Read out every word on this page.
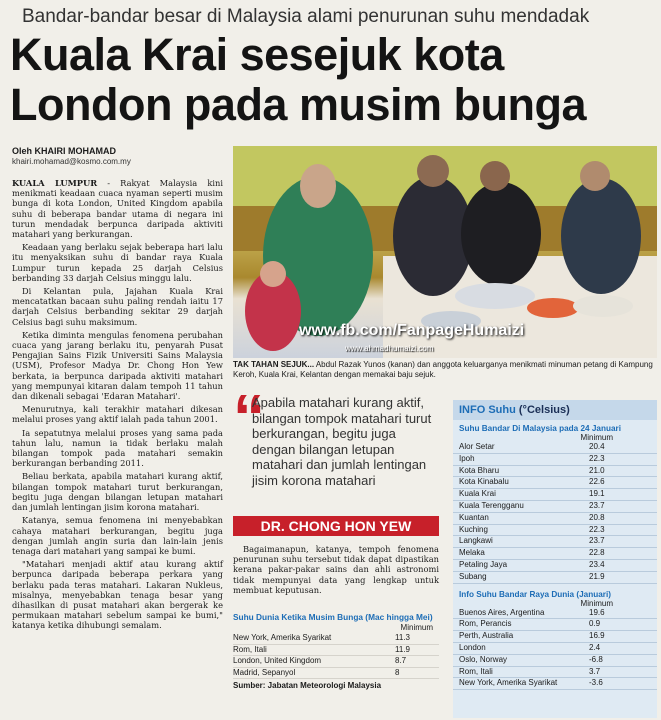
Bandar-bandar besar di Malaysia alami penurunan suhu mendadak
Kuala Krai sesejuk kota
London pada musim bunga
Oleh KHAIRI MOHAMAD
khairi.mohamad@kosmo.com.my

KUALA LUMPUR - Rakyat Malaysia kini menikmati keadaan cuaca nyaman seperti musim bunga di kota London, United Kingdom apabila suhu di beberapa bandar utama di negara ini turun mendadak berpunca daripada aktiviti matahari yang berkurangan.

Keadaan yang berlaku sejak beberapa hari lalu itu menyaksikan suhu di bandar raya Kuala Lumpur turun kepada 25 darjah Celsius berbanding 33 darjah Celsius minggu lalu.

Di Kelantan pula, Jajahan Kuala Krai mencatatkan bacaan suhu paling rendah iaitu 17 darjah Celsius berbanding sekitar 29 darjah Celsius bagi suhu maksimum.

Ketika diminta mengulas fenomena perubahan cuaca yang jarang berlaku itu, penyarah Pusat Pengajian Sains Fizik Universiti Sains Malaysia (USM), Profesor Madya Dr. Chong Hon Yew berkata, ia berpunca daripada aktiviti matahari yang mempunyai kitaran dalam tempoh 11 tahun dan dikenali sebagai 'Edaran Matahari'.

Menurutnya, kali terakhir matahari dikesan melalui proses yang aktif ialah pada tahun 2001.

Ia sepatutnya melalui proses yang sama pada tahun lalu, namun ia tidak berlaku malah bilangan tompok pada matahari semakin berkurangan berbanding 2011.

Beliau berkata, apabila matahari kurang aktif, bilangan tompok matahari turut berkurangan, begitu juga dengan bilangan letupan matahari dan jumlah lentingan jisim korona matahari.

Katanya, semua fenomena ini menyebabkan cahaya matahari berkurangan, begitu juga dengan jumlah angin suria dan lain-lain jenis tenaga dari matahari yang sampai ke bumi.

"Matahari menjadi aktif atau kurang aktif berpunca daripada beberapa perkara yang berlaku pada teras matahari. Lakaran Nukleus, misalnya, menyebabkan tenaga besar yang dihasilkan di pusat matahari akan bergerak ke permukaan matahari sebelum sampai ke bumi," katanya ketika dihubungi semalam.

www.fb.com/FanpageHumaizi
www.ahmadhumaizi.com
TAK TAHAN SEJUK... Abdul Razak Yunos (kanan) dan anggota keluarganya menikmati minuman petang di Kampung Keroh, Kuala Krai, Kelantan dengan memakai baju sejuk.
“
Apabila matahari kurang aktif, bilangan tompok matahari turut berkurangan, begitu juga dengan bilangan letupan matahari dan jumlah lentingan jisim korona matahari
DR. CHONG HON YEW
Bagaimanapun, katanya, tempoh fenomena penurunan suhu tersebut tidak dapat dipastikan kerana pakar-pakar sains dan ahli astronomi tidak mempunyai data yang lengkap untuk membuat keputusan.
Suhu Dunia Ketika Musim Bunga (Mac hingga Mei)
Minimum
New York, Amerika Syarikat	11.3
Rom, Itali	11.9
London, United Kingdom	8.7
Madrid, Sepanyol	8
Sumber: Jabatan Meteorologi Malaysia
INFO Suhu (°Celsius)
Suhu Bandar Di Malaysia pada 24 Januari
Minimum
Alor Setar	20.4
Ipoh	22.3
Kota Bharu	21.0
Kota Kinabalu	22.6
Kuala Krai	19.1
Kuala Terengganu	23.7
Kuantan	20.8
Kuching	22.3
Langkawi	23.7
Melaka	22.8
Petaling Jaya	23.4
Subang	21.9
Info Suhu Bandar Raya Dunia (Januari)
Minimum
Buenos Aires, Argentina	19.6
Rom, Perancis	0.9
Perth, Australia	16.9
London	2.4
Oslo, Norway	-6.8
Rom, Itali	3.7
New York, Amerika Syarikat	-3.6
